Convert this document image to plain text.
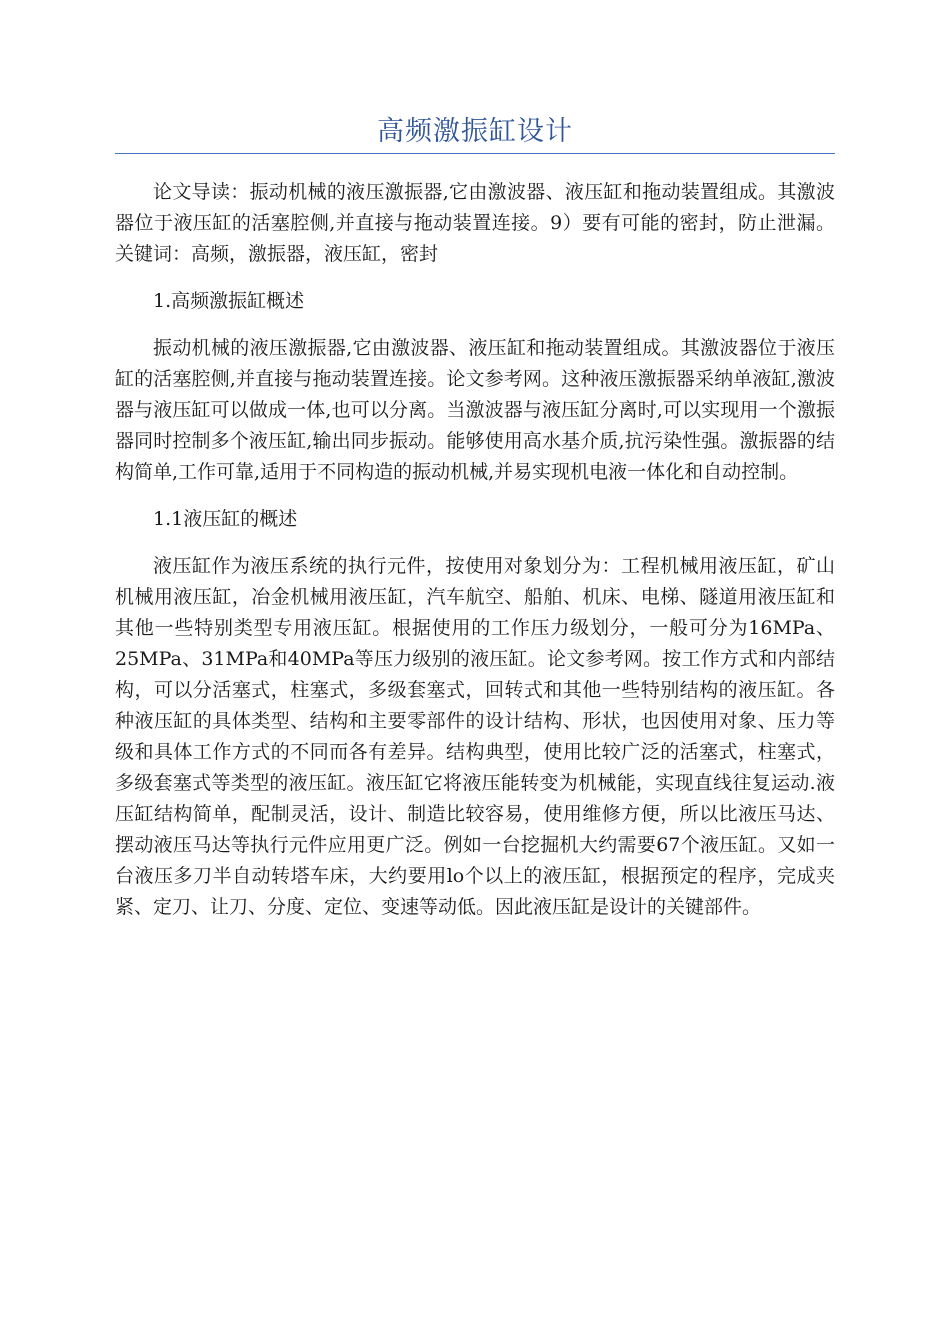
高频激振缸设计

论文导读：振动机械的液压激振器,它由激波器、液压缸和拖动装置组成。其激波器位于液压缸的活塞腔侧,并直接与拖动装置连接。9）要有可能的密封，防止泄漏。关键词：高频，激振器，液压缸，密封

1.高频激振缸概述

振动机械的液压激振器,它由激波器、液压缸和拖动装置组成。其激波器位于液压缸的活塞腔侧,并直接与拖动装置连接。论文参考网。这种液压激振器采纳单液缸,激波器与液压缸可以做成一体,也可以分离。当激波器与液压缸分离时,可以实现用一个激振器同时控制多个液压缸,输出同步振动。能够使用高水基介质,抗污染性强。激振器的结构简单,工作可靠,适用于不同构造的振动机械,并易实现机电液一体化和自动控制。

1.1液压缸的概述

液压缸作为液压系统的执行元件，按使用对象划分为：工程机械用液压缸，矿山机械用液压缸，冶金机械用液压缸，汽车航空、船舶、机床、电梯、隧道用液压缸和其他一些特别类型专用液压缸。根据使用的工作压力级划分，一般可分为16MPa、25MPa、31MPa和40MPa等压力级别的液压缸。论文参考网。按工作方式和内部结构，可以分活塞式，柱塞式，多级套塞式，回转式和其他一些特别结构的液压缸。各种液压缸的具体类型、结构和主要零部件的设计结构、形状，也因使用对象、压力等级和具体工作方式的不同而各有差异。结构典型，使用比较广泛的活塞式，柱塞式，多级套塞式等类型的液压缸。液压缸它将液压能转变为机械能，实现直线往复运动.液压缸结构简单，配制灵活，设计、制造比较容易，使用维修方便，所以比液压马达、摆动液压马达等执行元件应用更广泛。例如一台挖掘机大约需要67个液压缸。又如一台液压多刀半自动转塔车床，大约要用lo个以上的液压缸，根据预定的程序，完成夹紧、定刀、让刀、分度、定位、变速等动低。因此液压缸是设计的关键部件。
